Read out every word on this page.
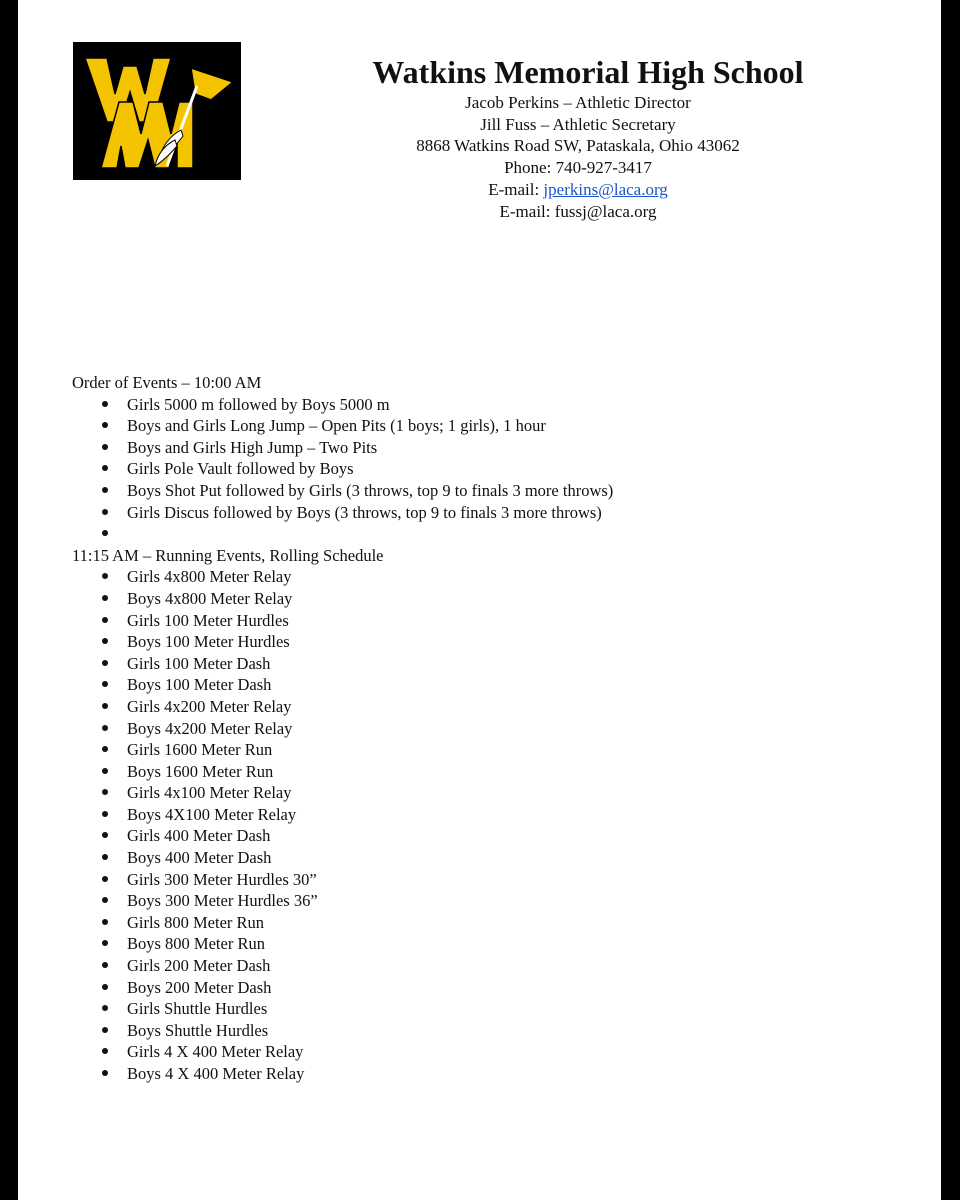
Watkins Memorial High School
Jacob Perkins – Athletic Director
Jill Fuss – Athletic Secretary
8868 Watkins Road SW, Pataskala, Ohio 43062
Phone: 740-927-3417
E-mail: jperkins@laca.org
E-mail: fussj@laca.org
Order of Events – 10:00 AM
Girls 5000 m followed by Boys 5000 m
Boys and Girls Long Jump – Open Pits (1 boys; 1 girls), 1 hour
Boys and Girls High Jump – Two Pits
Girls Pole Vault followed by Boys
Boys Shot Put followed by Girls (3 throws, top 9 to finals 3 more throws)
Girls Discus followed by Boys (3 throws, top 9 to finals 3 more throws)
11:15 AM – Running Events, Rolling Schedule
Girls 4x800 Meter Relay
Boys 4x800 Meter Relay
Girls 100 Meter Hurdles
Boys 100 Meter Hurdles
Girls 100 Meter Dash
Boys 100 Meter Dash
Girls 4x200 Meter Relay
Boys 4x200 Meter Relay
Girls 1600 Meter Run
Boys 1600 Meter Run
Girls 4x100 Meter Relay
Boys 4X100 Meter Relay
Girls 400 Meter Dash
Boys 400 Meter Dash
Girls 300 Meter Hurdles 30”
Boys 300 Meter Hurdles 36”
Girls 800 Meter Run
Boys 800 Meter Run
Girls 200 Meter Dash
Boys 200 Meter Dash
Girls Shuttle Hurdles
Boys Shuttle Hurdles
Girls 4 X 400 Meter Relay
Boys 4 X 400 Meter Relay
